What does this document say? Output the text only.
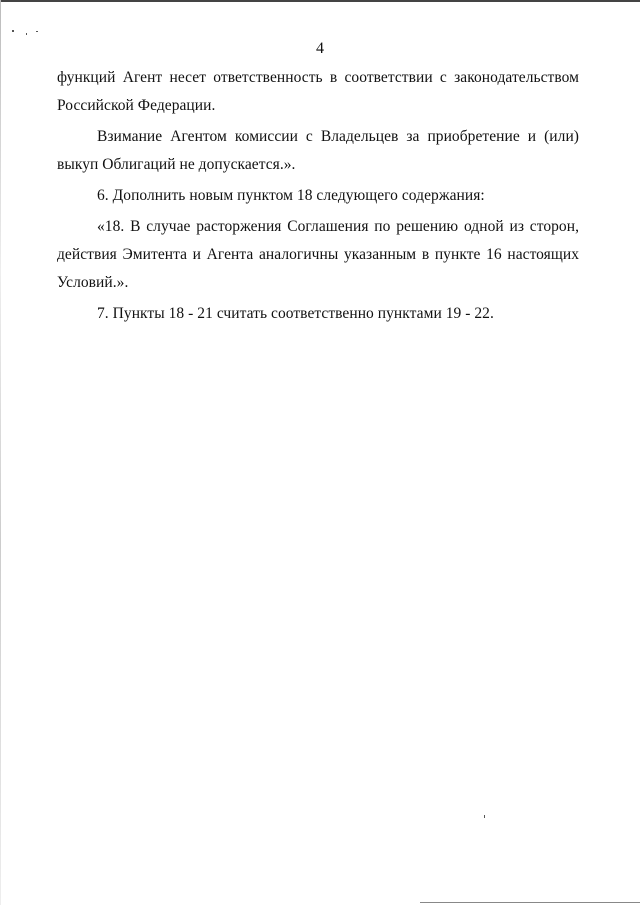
4
функций Агент несет ответственность в соответствии с законодательством
Российской Федерации.
Взимание Агентом комиссии с Владельцев за приобретение и (или)
выкуп Облигаций не допускается.».
6. Дополнить новым пунктом 18 следующего содержания:
«18. В случае расторжения Соглашения по решению одной из сторон,
действия Эмитента и Агента аналогичны указанным в пункте 16 настоящих
Условий.».
7. Пункты 18 - 21 считать соответственно пунктами 19 - 22.
